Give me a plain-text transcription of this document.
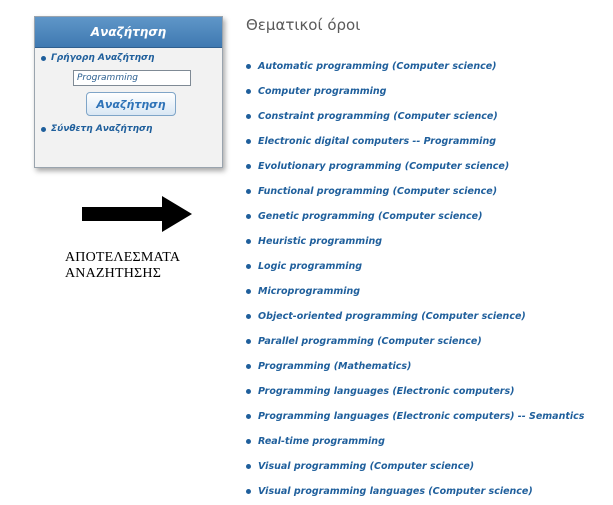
Αναζήτηση
Γρήγορη Αναζήτηση
Programming
Αναζήτηση
Σύνθετη Αναζήτηση
ΑΠΟΤΕΛΕΣΜΑΤΑ
ΑΝΑΖΗΤΗΣΗΣ
Θεματικοί όροι
Automatic programming (Computer science)
Computer programming
Constraint programming (Computer science)
Electronic digital computers -- Programming
Evolutionary programming (Computer science)
Functional programming (Computer science)
Genetic programming (Computer science)
Heuristic programming
Logic programming
Microprogramming
Object-oriented programming (Computer science)
Parallel programming (Computer science)
Programming (Mathematics)
Programming languages (Electronic computers)
Programming languages (Electronic computers) -- Semantics
Real-time programming
Visual programming (Computer science)
Visual programming languages (Computer science)
